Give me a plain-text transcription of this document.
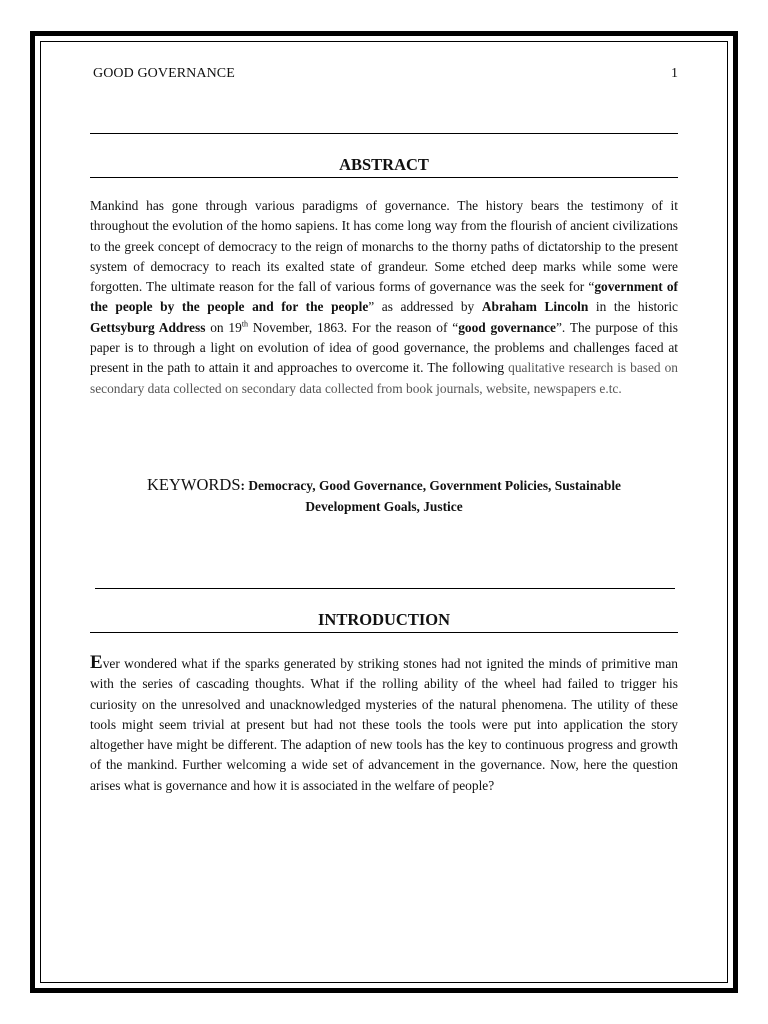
GOOD GOVERNANCE	1
ABSTRACT
Mankind has gone through various paradigms of governance. The history bears the testimony of it throughout the evolution of the homo sapiens. It has come long way from the flourish of ancient civilizations to the greek concept of democracy to the reign of monarchs to the thorny paths of dictatorship to the present system of democracy to reach its exalted state of grandeur. Some etched deep marks while some were forgotten. The ultimate reason for the fall of various forms of governance was the seek for “government of the people by the people and for the people” as addressed by Abraham Lincoln in the historic Gettsyburg Address on 19th November, 1863. For the reason of “good governance”. The purpose of this paper is to through a light on evolution of idea of good governance, the problems and challenges faced at present in the path to attain it and approaches to overcome it. The following qualitative research is based on secondary data collected on secondary data collected from book journals, website, newspapers e.tc.
KEYWORDS: Democracy, Good Governance, Government Policies, Sustainable Development Goals, Justice
INTRODUCTION
Ever wondered what if the sparks generated by striking stones had not ignited the minds of primitive man with the series of cascading thoughts. What if the rolling ability of the wheel had failed to trigger his curiosity on the unresolved and unacknowledged mysteries of the natural phenomena. The utility of these tools might seem trivial at present but had not these tools the tools were put into application the story altogether have might be different. The adaption of new tools has the key to continuous progress and growth of the mankind. Further welcoming a wide set of advancement in the governance. Now, here the question arises what is governance and how it is associated in the welfare of people?
